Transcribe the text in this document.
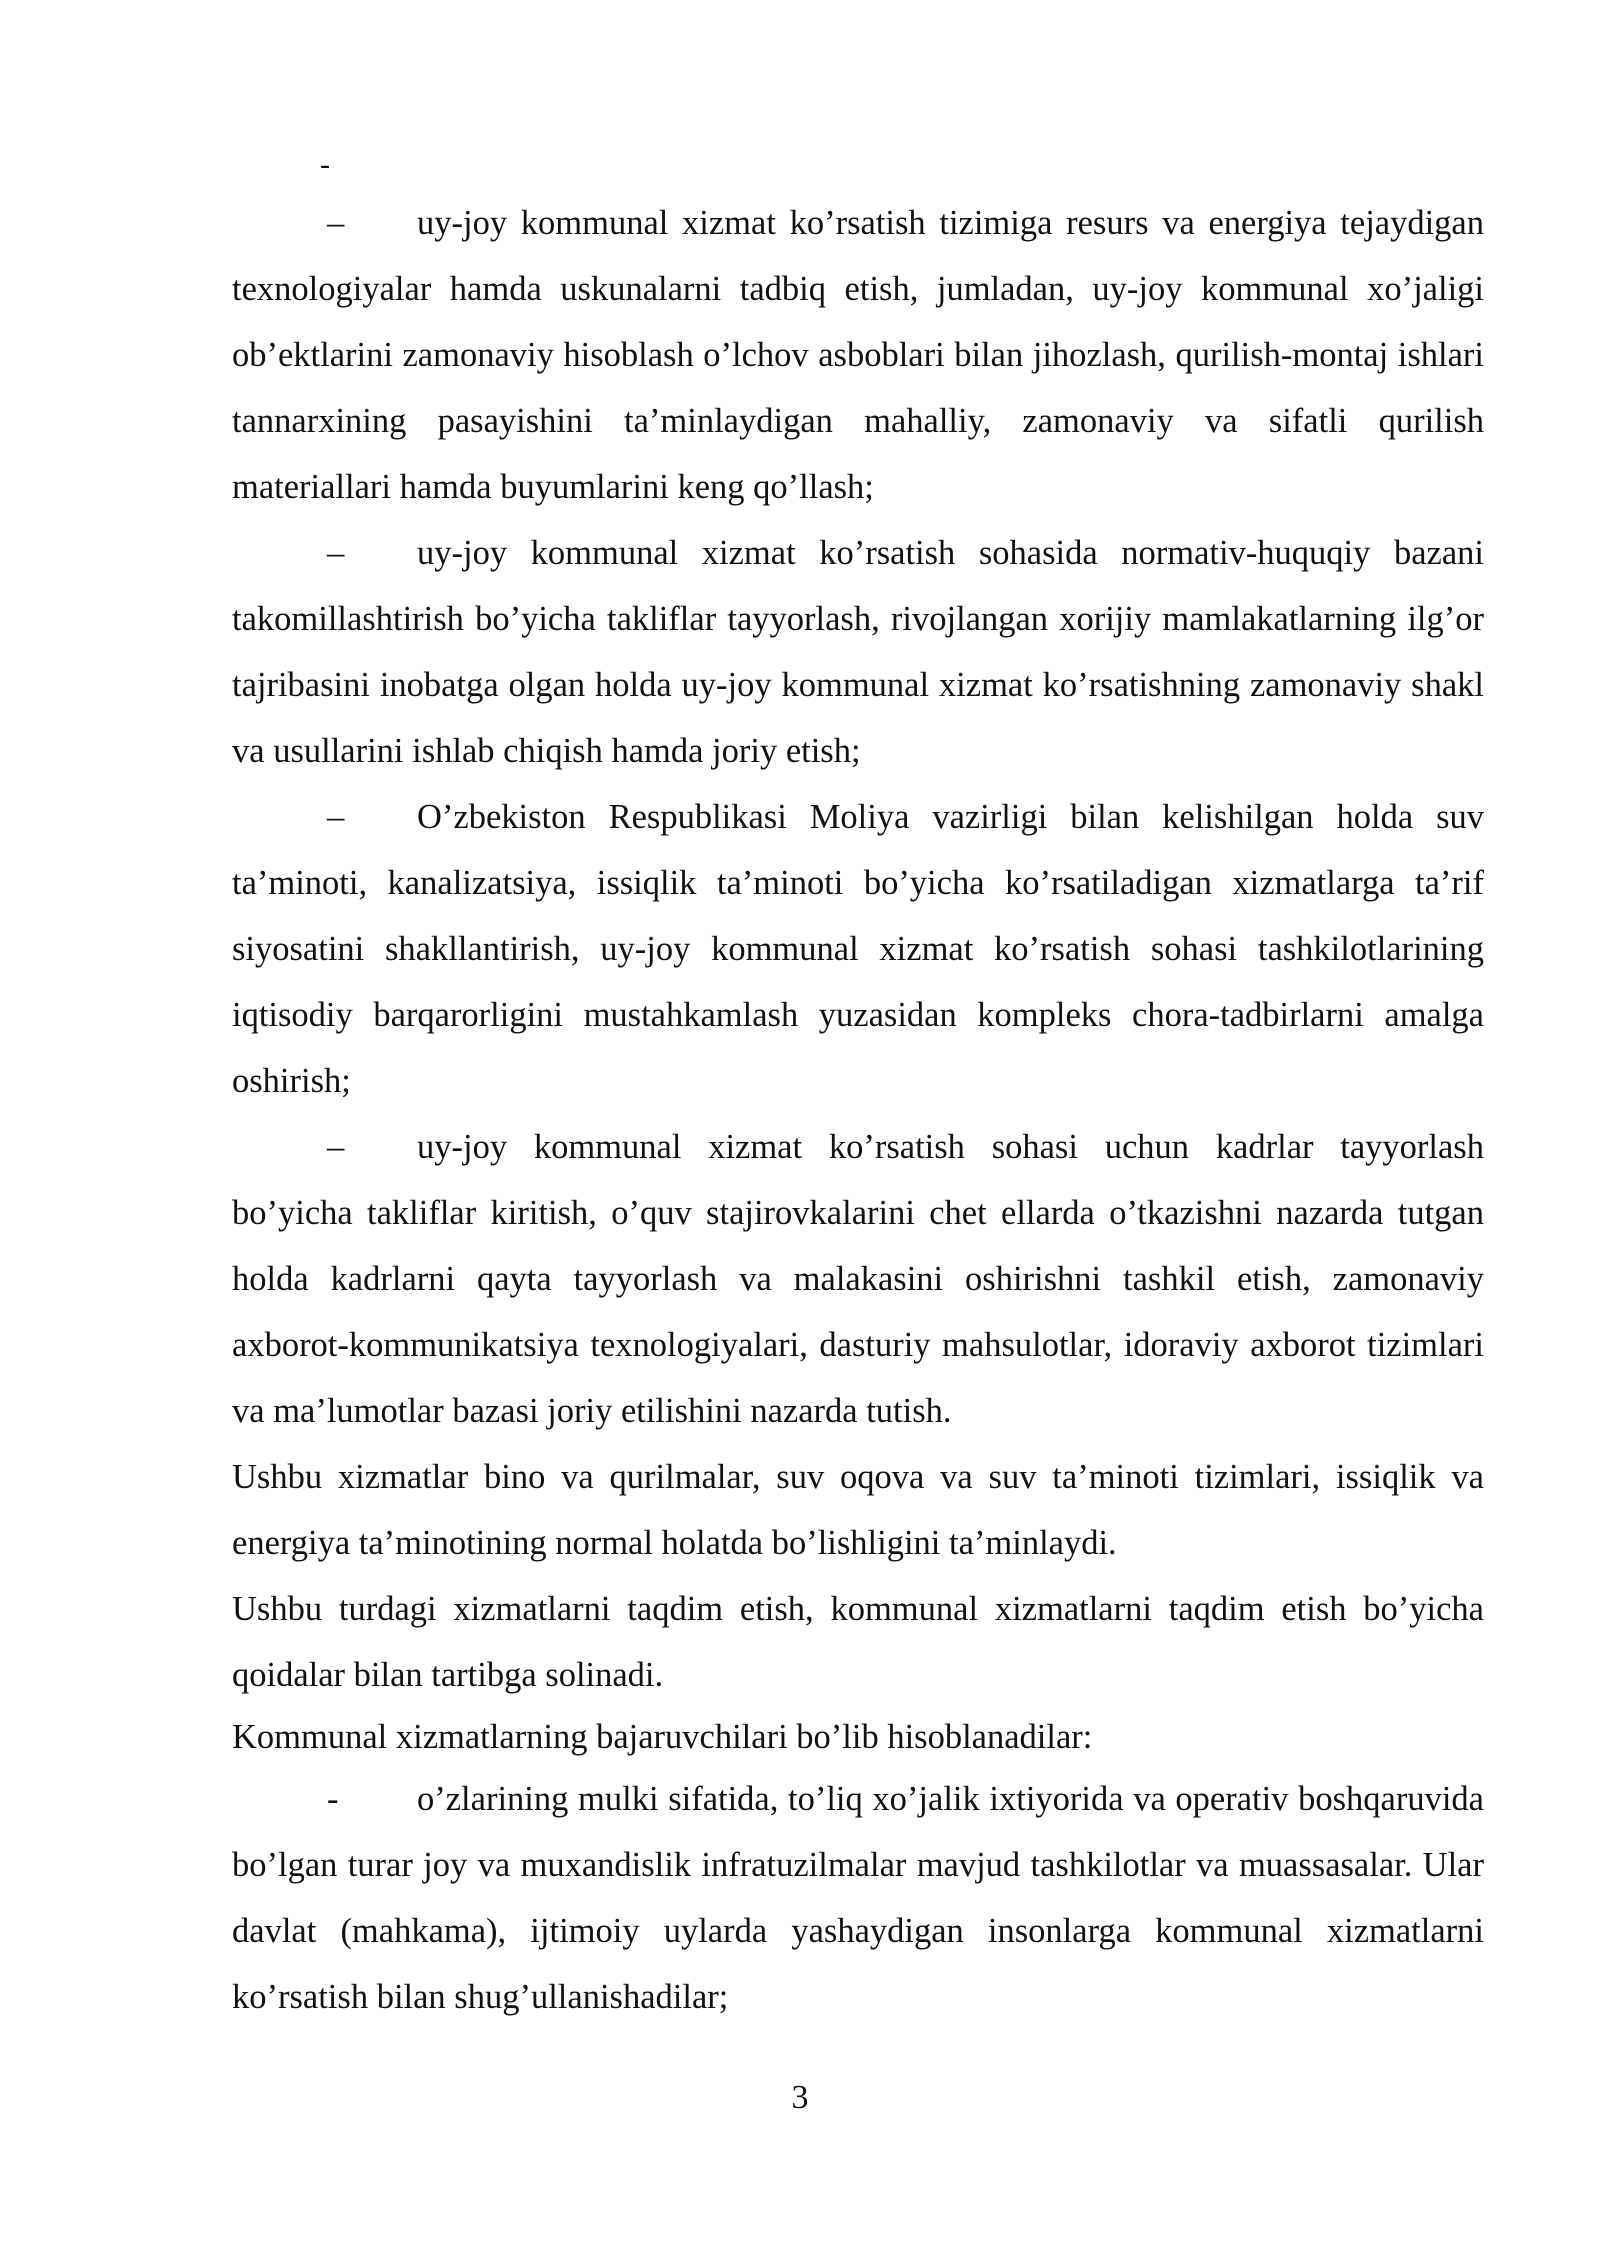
-

– uy-joy kommunal xizmat ko’rsatish tizimiga resurs va energiya tejaydigan texnologiyalar hamda uskunalarni tadbiq etish, jumladan, uy-joy kommunal xo’jaligi ob’ektlarini zamonaviy hisoblash o’lchov asboblari bilan jihozlash, qurilish-montaj ishlari tannarxining pasayishini ta’minlaydigan mahalliy, zamonaviy va sifatli qurilish materiallari hamda buyumlarini keng qo’llash;

– uy-joy kommunal xizmat ko’rsatish sohasida normativ-huquqiy bazani takomillashtirish bo’yicha takliflar tayyorlash, rivojlangan xorijiy mamlakatlarning ilg’or tajribasini inobatga olgan holda uy-joy kommunal xizmat ko’rsatishning zamonaviy shakl va usullarini ishlab chiqish hamda joriy etish;

– O’zbekiston Respublikasi Moliya vazirligi bilan kelishilgan holda suv ta’minoti, kanalizatsiya, issiqlik ta’minoti bo’yicha ko’rsatiladigan xizmatlarga ta’rif siyosatini shakllantirish, uy-joy kommunal xizmat ko’rsatish sohasi tashkilotlarining iqtisodiy barqarorligini mustahkamlash yuzasidan kompleks chora-tadbirlarni amalga oshirish;

– uy-joy kommunal xizmat ko’rsatish sohasi uchun kadrlar tayyorlash bo’yicha takliflar kiritish, o’quv stajirovkalarini chet ellarda o’tkazishni nazarda tutgan holda kadrlarni qayta tayyorlash va malakasini oshirishni tashkil etish, zamonaviy axborot-kommunikatsiya texnologiyalari, dasturiy mahsulotlar, idoraviy axborot tizimlari va ma’lumotlar bazasi joriy etilishini nazarda tutish.

Ushbu xizmatlar bino va qurilmalar, suv oqova va suv ta’minoti tizimlari, issiqlik va energiya ta’minotining normal holatda bo’lishligini ta’minlaydi.

Ushbu turdagi xizmatlarni taqdim etish, kommunal xizmatlarni taqdim etish bo’yicha qoidalar bilan tartibga solinadi.

Kommunal xizmatlarning bajaruvchilari bo’lib hisoblanadilar:

- o’zlarining mulki sifatida, to’liq xo’jalik ixtiyorida va operativ boshqaruvida bo’lgan turar joy va muxandislik infratuzilmalar mavjud tashkilotlar va muassasalar. Ular davlat (mahkama), ijtimoiy uylarda yashaydigan insonlarga kommunal xizmatlarni ko’rsatish bilan shug’ullanishadilar;

3
